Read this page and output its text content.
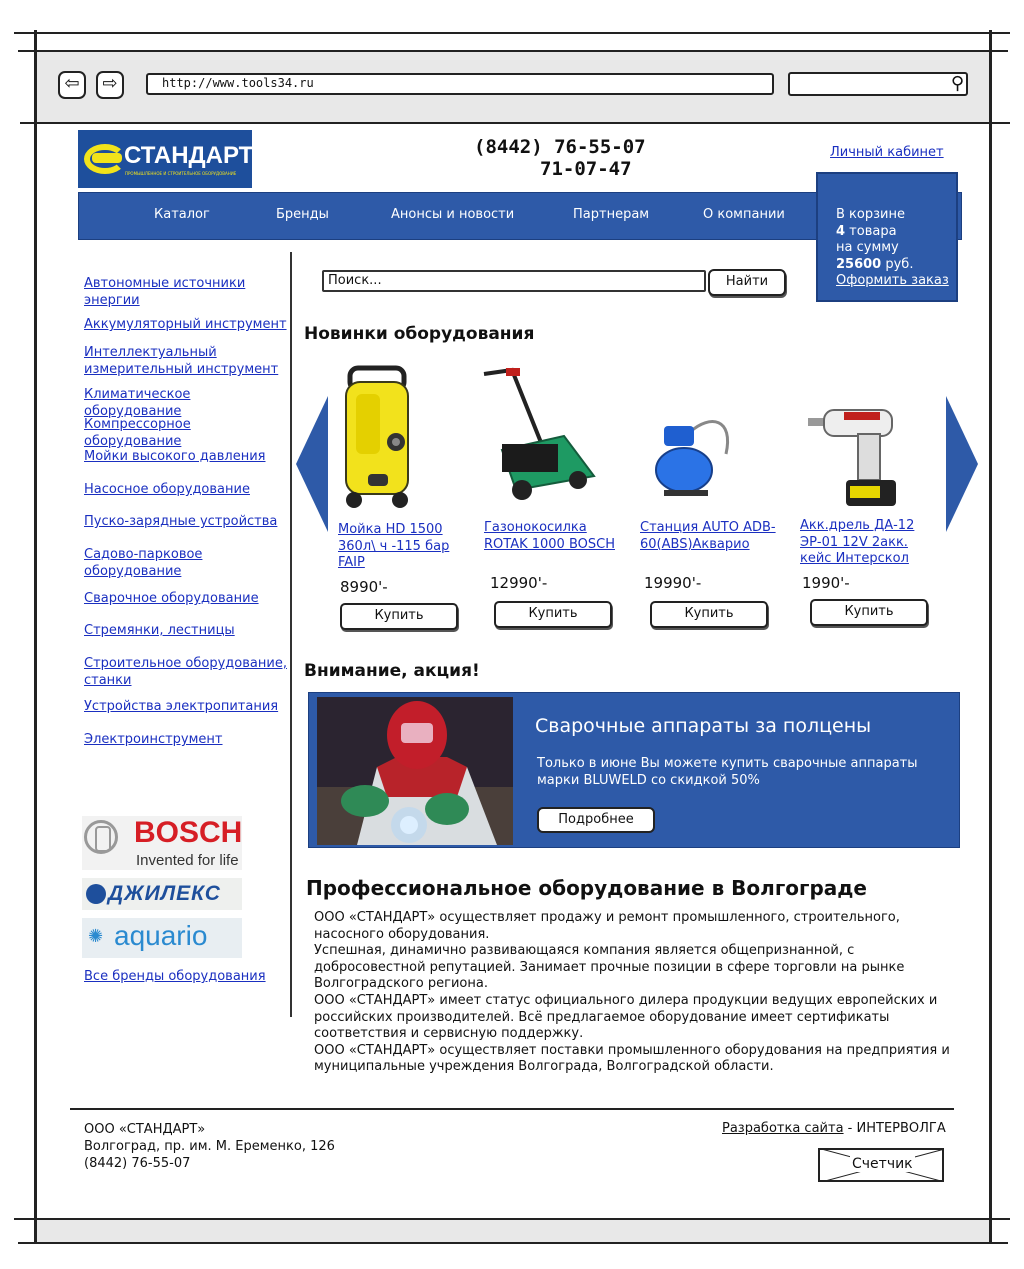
⇦	⇨	http://www.tools34.ru	⚲
СТАНДАРТ
ПРОМЫШЛЕННОЕ И СТРОИТЕЛЬНОЕ ОБОРУДОВАНИЕ
(8442) 76-55-07
71-07-47
Личный кабинет
Каталог	Бренды	Анонсы и новости	Партнерам	О компании	В корзине
4 товара
на сумму
25600 руб.
Оформить заказ
Автономные источники энергии
Аккумуляторный инструмент
Интеллектуальный измерительный инструмент
Климатическое оборудование
Компрессорное оборудование
Мойки высокого давления
Насосное оборудование
Пуско-зарядные устройства
Садово-парковое оборудование
Сварочное оборудование
Стремянки, лестницы
Строительное оборудование, станки
Устройства электропитания
Электроинструмент
BOSCH
Invented for life
ДЖИЛЕКС
✺ aquario
Все бренды оборудования
Поиск...	Найти
Новинки оборудования
Мойка HD 1500 360л\ ч -115 бар FAIP
Газонокосилка ROTAK 1000 BOSCH
Станция AUTO ADB-60(ABS)Акварио
Акк.дрель ДА-12 ЭР-01 12V 2акк. кейс Интерскол
8990'-	12990'-	19990'-	1990'-
Купить	Купить	Купить	Купить
Внимание, акция!
Сварочные аппараты за полцены
Только в июне Вы можете купить сварочные аппараты марки BLUWELD со скидкой 50%
Подробнее
Профессиональное оборудование в Волгограде

ООО «СТАНДАРТ» осуществляет продажу и ремонт промышленного, строительного, насосного оборудования.

Успешная, динамично развивающаяся компания является общепризнанной, с добросовестной репутацией. Занимает прочные позиции в сфере торговли на рынке Волгоградского региона.

ООО «СТАНДАРТ» имеет статус официального дилера продукции ведущих европейских и российских производителей. Всё предлагаемое оборудование имеет сертификаты соответствия и сервисную поддержку.

ООО «СТАНДАРТ» осуществляет поставки промышленного оборудования на предприятия и муниципальные учреждения Волгограда, Волгоградской области.

ООО «СТАНДАРТ»
Волгоград, пр. им. М. Еременко, 126
(8442) 76-55-07
Разработка сайта - ИНТЕРВОЛГА
Счетчик
